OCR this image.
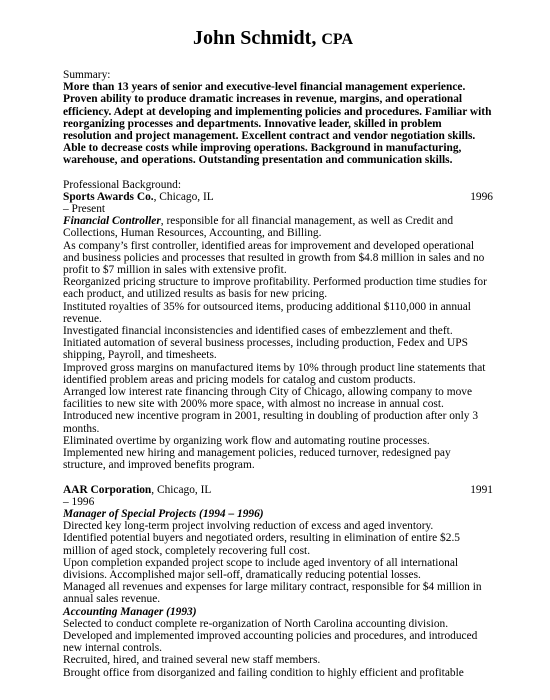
John Schmidt, CPA

Summary:

More than 13 years of senior and executive-level financial management experience. Proven ability to produce dramatic increases in revenue, margins, and operational efficiency. Adept at developing and implementing policies and procedures. Familiar with reorganizing processes and departments. Innovative leader, skilled in problem resolution and project management. Excellent contract and vendor negotiation skills. Able to decrease costs while improving operations. Background in manufacturing, warehouse, and operations. Outstanding presentation and communication skills.

Professional Background:

Sports Awards Co., Chicago, IL	1996

– Present

Financial Controller, responsible for all financial management, as well as Credit and Collections, Human Resources, Accounting, and Billing.

As company’s first controller, identified areas for improvement and developed operational and business policies and processes that resulted in growth from $4.8 million in sales and no profit to $7 million in sales with extensive profit.

Reorganized pricing structure to improve profitability. Performed production time studies for each product, and utilized results as basis for new pricing.

Instituted royalties of 35% for outsourced items, producing additional $110,000 in annual revenue.

Investigated financial inconsistencies and identified cases of embezzlement and theft.

Initiated automation of several business processes, including production, Fedex and UPS shipping, Payroll, and timesheets.

Improved gross margins on manufactured items by 10% through product line statements that identified problem areas and pricing models for catalog and custom products.

Arranged low interest rate financing through City of Chicago, allowing company to move facilities to new site with 200% more space, with almost no increase in annual cost.

Introduced new incentive program in 2001, resulting in doubling of production after only 3 months.

Eliminated overtime by organizing work flow and automating routine processes.

Implemented new hiring and management policies, reduced turnover, redesigned pay structure, and improved benefits program.

AAR Corporation, Chicago, IL	1991

– 1996

Manager of Special Projects (1994 – 1996)

Directed key long-term project involving reduction of excess and aged inventory.

Identified potential buyers and negotiated orders, resulting in elimination of entire $2.5 million of aged stock, completely recovering full cost.

Upon completion expanded project scope to include aged inventory of all international divisions. Accomplished major sell-off, dramatically reducing potential losses.

Managed all revenues and expenses for large military contract, responsible for $4 million in annual sales revenue.

Accounting Manager (1993)

Selected to conduct complete re-organization of North Carolina accounting division.

Developed and implemented improved accounting policies and procedures, and introduced new internal controls.

Recruited, hired, and trained several new staff members.

Brought office from disorganized and failing condition to highly efficient and profitable
